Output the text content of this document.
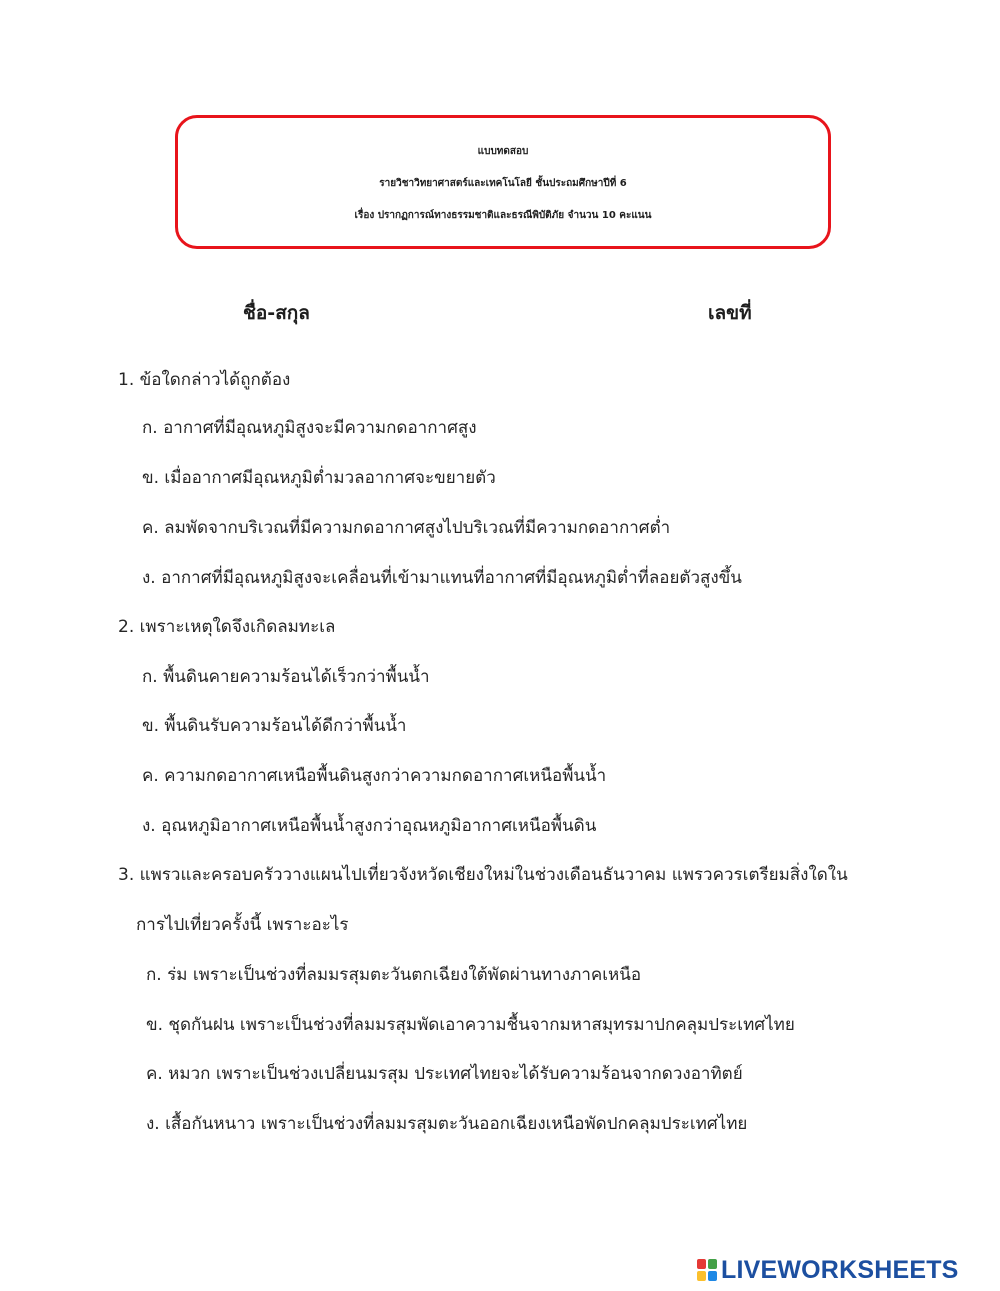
แบบทดสอบ
รายวิชาวิทยาศาสตร์และเทคโนโลยี ชั้นประถมศึกษาปีที่ 6
เรื่อง ปรากฏการณ์ทางธรรมชาติและธรณีพิบัติภัย จำนวน 10 คะแนน
ชื่อ-สกุล	เลขที่
1. ข้อใดกล่าวได้ถูกต้อง
ก. อากาศที่มีอุณหภูมิสูงจะมีความกดอากาศสูง
ข. เมื่ออากาศมีอุณหภูมิต่ำมวลอากาศจะขยายตัว
ค. ลมพัดจากบริเวณที่มีความกดอากาศสูงไปบริเวณที่มีความกดอากาศต่ำ
ง. อากาศที่มีอุณหภูมิสูงจะเคลื่อนที่เข้ามาแทนที่อากาศที่มีอุณหภูมิต่ำที่ลอยตัวสูงขึ้น
2. เพราะเหตุใดจึงเกิดลมทะเล
ก. พื้นดินคายความร้อนได้เร็วกว่าพื้นน้ำ
ข. พื้นดินรับความร้อนได้ดีกว่าพื้นน้ำ
ค. ความกดอากาศเหนือพื้นดินสูงกว่าความกดอากาศเหนือพื้นน้ำ
ง. อุณหภูมิอากาศเหนือพื้นน้ำสูงกว่าอุณหภูมิอากาศเหนือพื้นดิน
3. แพรวและครอบครัววางแผนไปเที่ยวจังหวัดเชียงใหม่ในช่วงเดือนธันวาคม แพรวควรเตรียมสิ่งใดใน
การไปเที่ยวครั้งนี้ เพราะอะไร
ก. ร่ม เพราะเป็นช่วงที่ลมมรสุมตะวันตกเฉียงใต้พัดผ่านทางภาคเหนือ
ข. ชุดกันฝน เพราะเป็นช่วงที่ลมมรสุมพัดเอาความชื้นจากมหาสมุทรมาปกคลุมประเทศไทย
ค. หมวก เพราะเป็นช่วงเปลี่ยนมรสุม ประเทศไทยจะได้รับความร้อนจากดวงอาทิตย์
ง. เสื้อกันหนาว เพราะเป็นช่วงที่ลมมรสุมตะวันออกเฉียงเหนือพัดปกคลุมประเทศไทย
LIVEWORKSHEETS
